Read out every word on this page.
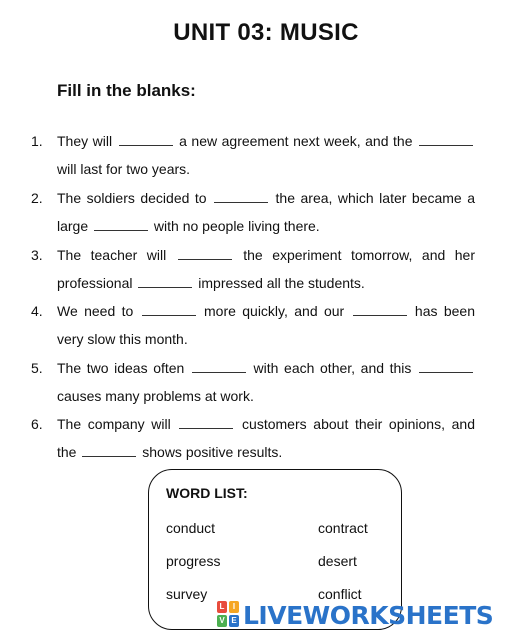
UNIT 03: MUSIC
Fill in the blanks:
1. They will	a new agreement next week, and the  will last for two years.
2. The soldiers decided to	the area, which later became a large	with no people living there.
3. The teacher will	the experiment tomorrow, and her professional	impressed all the students.
4. We need to	more quickly, and our	has been very slow this month.
5. The two ideas often	with each other, and this  causes many problems at work.
6. The company will	customers about their opinions, and the	shows positive results.
WORD LIST:
conduct	contract
progress	desert
survey	conflict
L	I
V E LIVEWORKSHEETS
